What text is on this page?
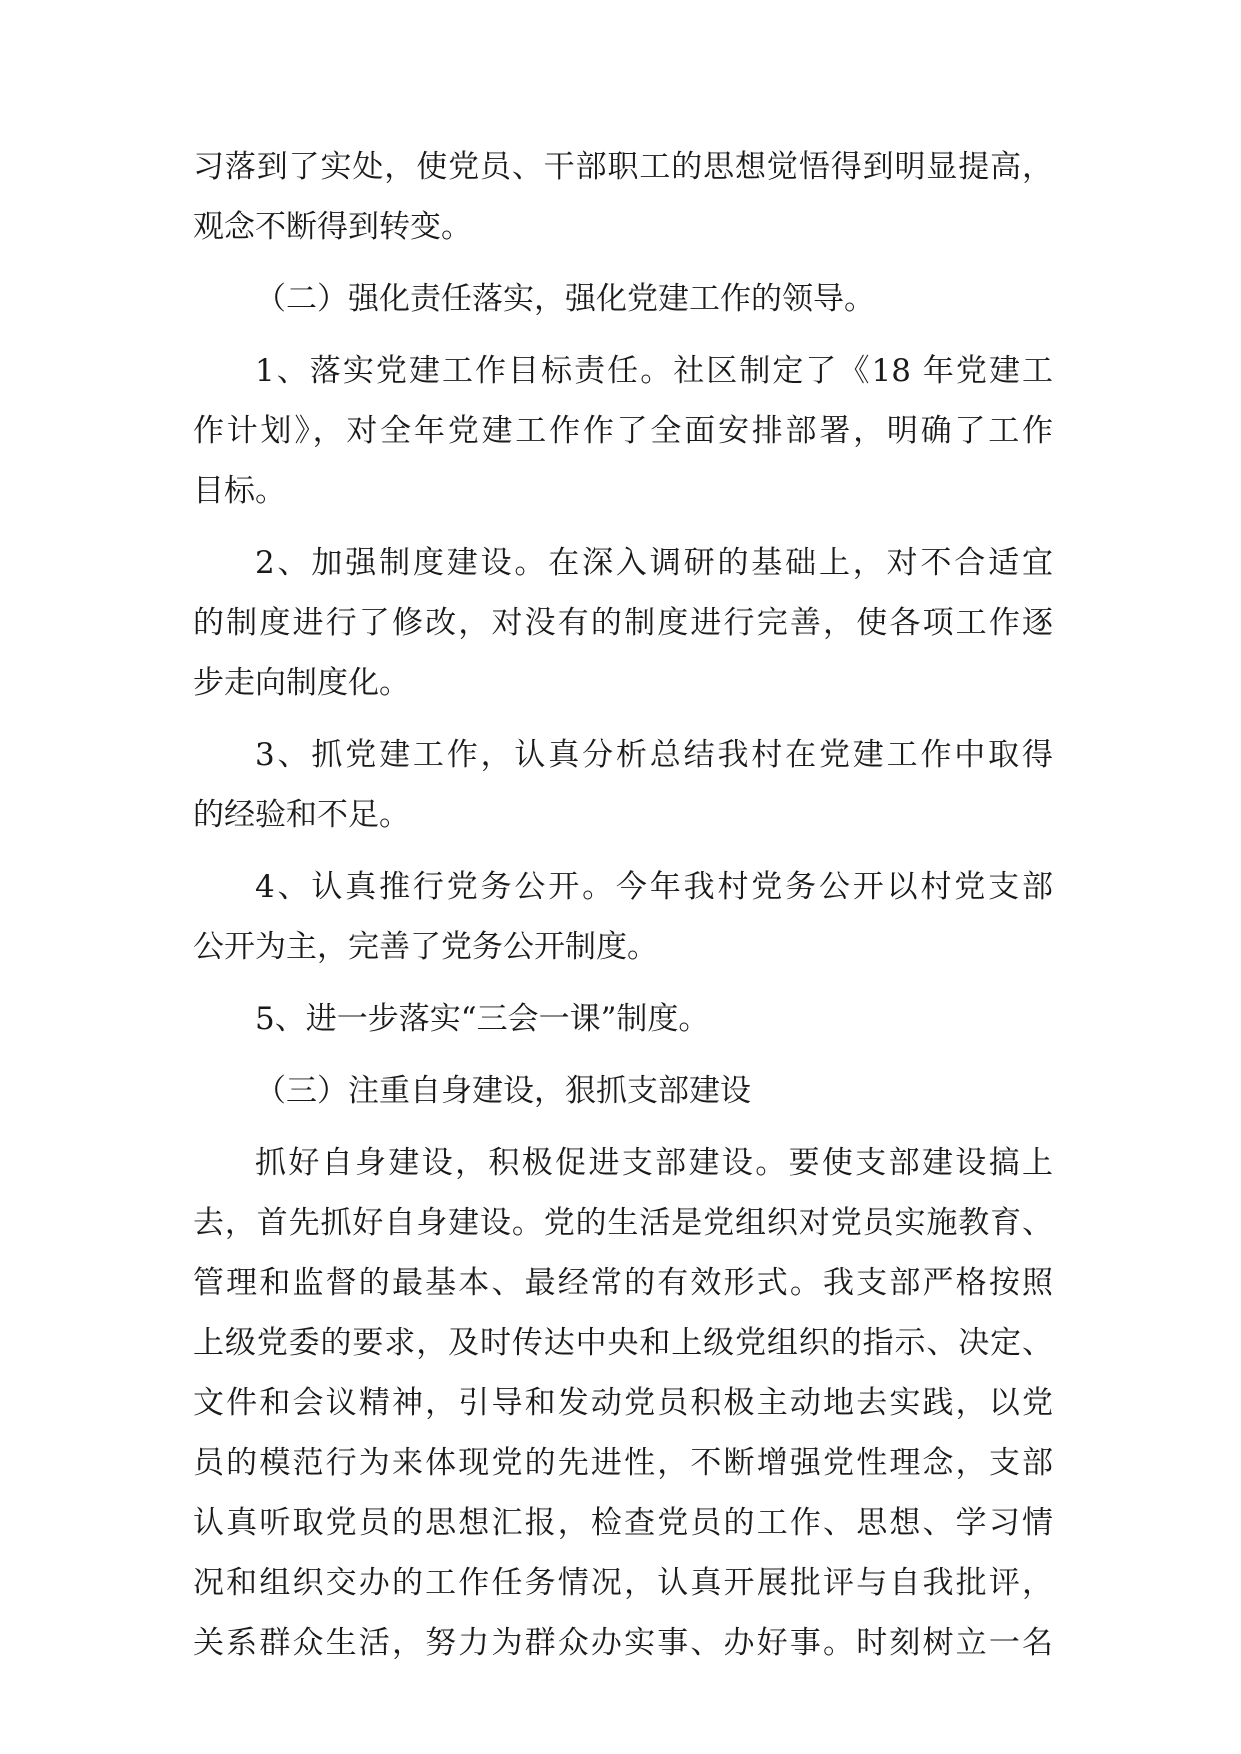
习落到了实处，使党员、干部职工的思想觉悟得到明显提高，
观念不断得到转变。
（二）强化责任落实，强化党建工作的领导。
1、落实党建工作目标责任。社区制定了《18 年党建工
作计划》，对全年党建工作作了全面安排部署，明确了工作
目标。
2、加强制度建设。在深入调研的基础上，对不合适宜
的制度进行了修改，对没有的制度进行完善，使各项工作逐
步走向制度化。
3、抓党建工作，认真分析总结我村在党建工作中取得
的经验和不足。
4、认真推行党务公开。今年我村党务公开以村党支部
公开为主，完善了党务公开制度。
5、进一步落实“三会一课”制度。
（三）注重自身建设，狠抓支部建设
抓好自身建设，积极促进支部建设。要使支部建设搞上
去，首先抓好自身建设。党的生活是党组织对党员实施教育、
管理和监督的最基本、最经常的有效形式。我支部严格按照
上级党委的要求，及时传达中央和上级党组织的指示、决定、
文件和会议精神，引导和发动党员积极主动地去实践，以党
员的模范行为来体现党的先进性，不断增强党性理念，支部
认真听取党员的思想汇报，检查党员的工作、思想、学习情
况和组织交办的工作任务情况，认真开展批评与自我批评，
关系群众生活，努力为群众办实事、办好事。时刻树立一名
